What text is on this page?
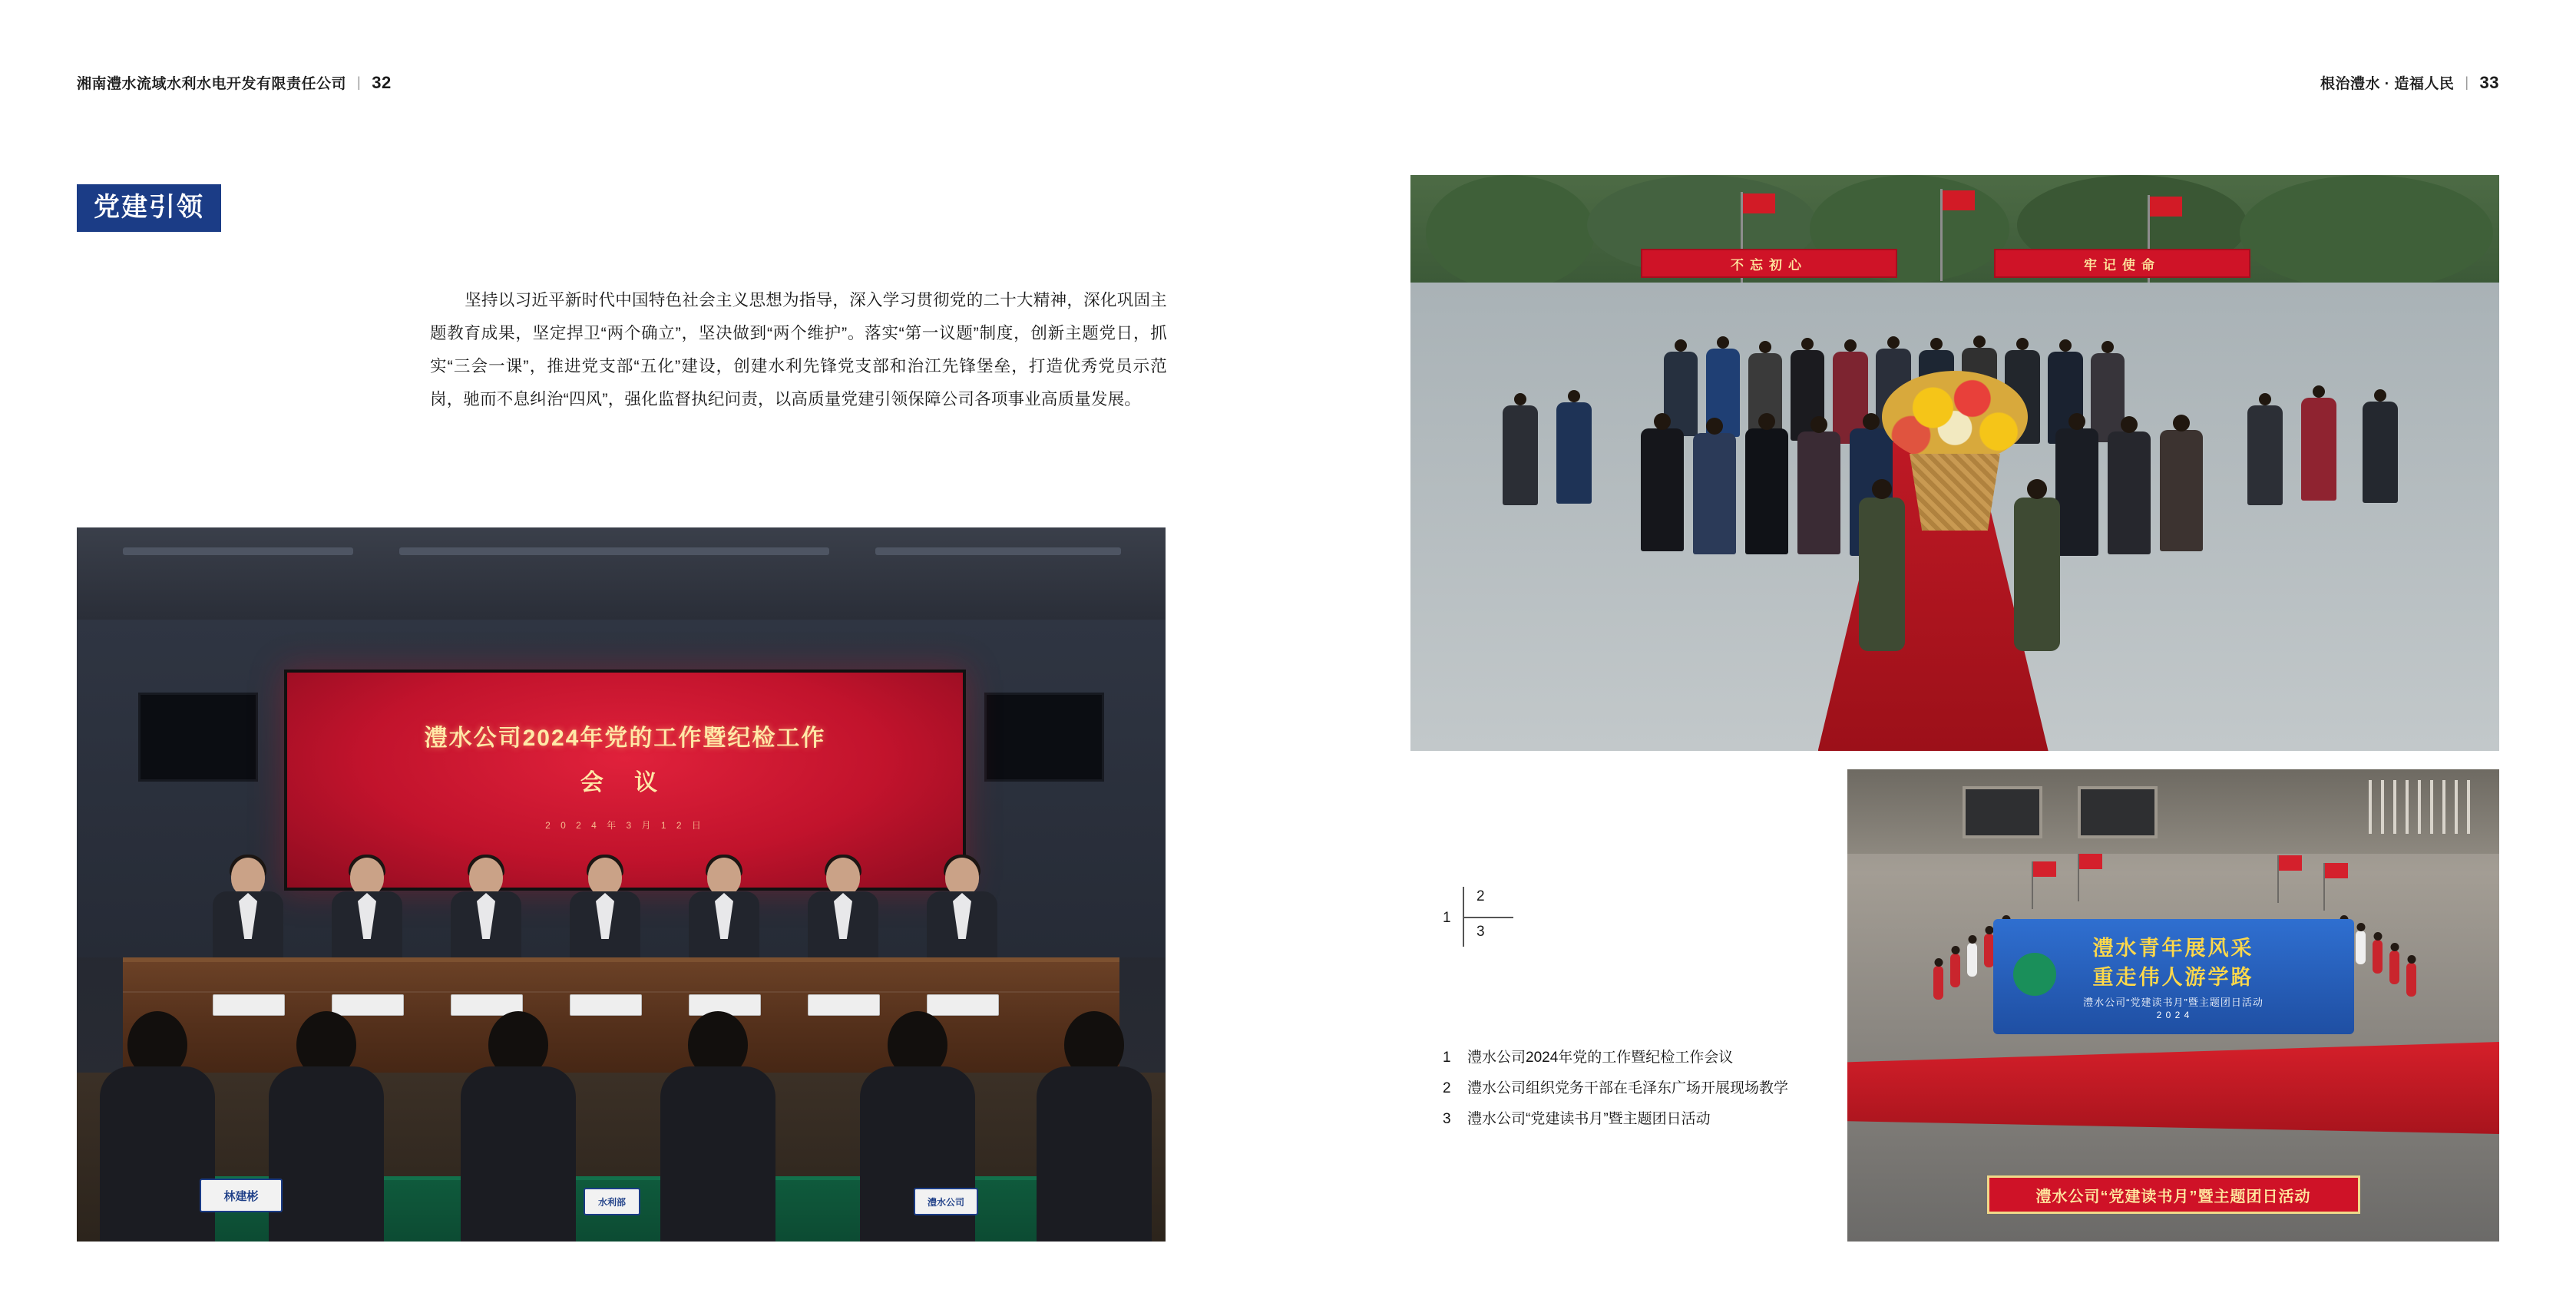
湘南澧水流域水利水电开发有限责任公司 | 32
党建引领
坚持以习近平新时代中国特色社会主义思想为指导，深入学习贯彻党的二十大精神，深化巩固主题教育成果，坚定捍卫“两个确立”，坚决做到“两个维护”。落实“第一议题”制度，创新主题党日，抓实“三会一课”，推进党支部“五化”建设，创建水利先锋党支部和治江先锋堡垒，打造优秀党员示范岗，驰而不息纠治“四风”，强化监督执纪问责，以高质量党建引领保障公司各项事业高质量发展。
澧水公司2024年党的工作暨纪检工作
会 议
2 0 2 4 年 3 月 1 2 日
林建彬	水利部	澧水公司
根治澧水 · 造福人民 | 33
不忘初心	牢记使命
澧水青年展风采
重走伟人游学路
澧水公司“党建读书月”暨主题团日活动
2 0 2 4
澧水公司“党建读书月”暨主题团日活动
1
2
3
1 澧水公司2024年党的工作暨纪检工作会议
2 澧水公司组织党务干部在毛泽东广场开展现场教学
3 澧水公司“党建读书月”暨主题团日活动
